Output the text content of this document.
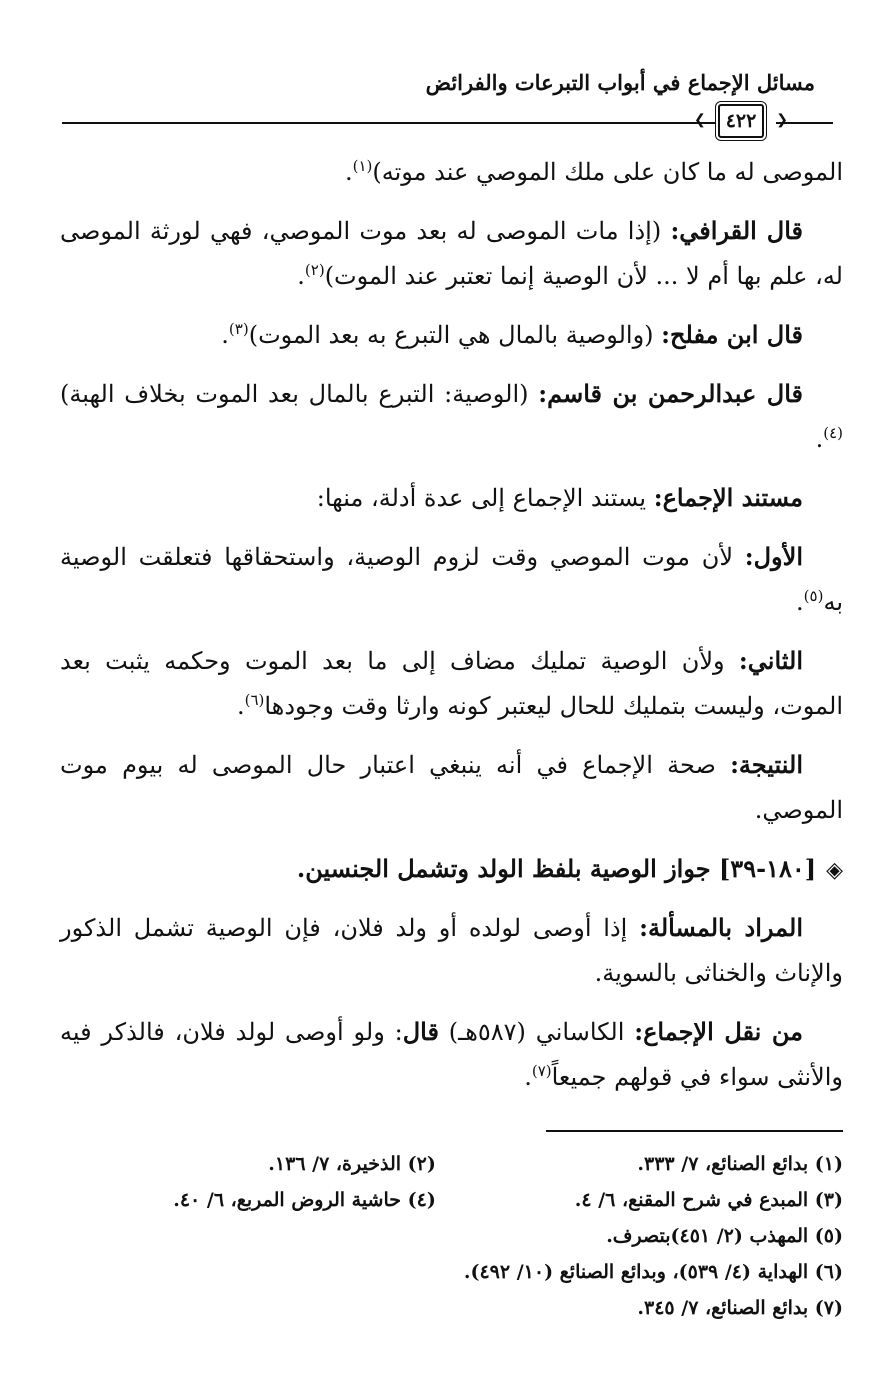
مسائل الإجماع في أبواب التبرعات والفرائض
❮	٤٢٢	❯

الموصى له ما كان على ملك الموصي عند موته)$^{(١)}$.

قال القرافي: (إذا مات الموصى له بعد موت الموصي، فهي لورثة الموصى له، علم بها أم لا ... لأن الوصية إنما تعتبر عند الموت)$^{(٢)}$.

قال ابن مفلح: (والوصية بالمال هي التبرع به بعد الموت)$^{(٣)}$.

قال عبدالرحمن بن قاسم: (الوصية: التبرع بالمال بعد الموت بخلاف الهبة)$^{(٤)}$.

مستند الإجماع: يستند الإجماع إلى عدة أدلة، منها:

الأول: لأن موت الموصي وقت لزوم الوصية، واستحقاقها فتعلقت الوصية به$^{(٥)}$.

الثاني: ولأن الوصية تمليك مضاف إلى ما بعد الموت وحكمه يثبت بعد الموت، وليست بتمليك للحال ليعتبر كونه وارثا وقت وجودها$^{(٦)}$.

النتيجة: صحة الإجماع في أنه ينبغي اعتبار حال الموصى له بيوم موت الموصي.

◈[١٨٠-٣٩] جواز الوصية بلفظ الولد وتشمل الجنسين.

المراد بالمسألة: إذا أوصى لولده أو ولد فلان، فإن الوصية تشمل الذكور والإناث والخناثى بالسوية.

من نقل الإجماع: الكاساني (٥٨٧هـ) قال: ولو أوصى لولد فلان، فالذكر فيه والأنثى سواء في قولهم جميعاً$^{(٧)}$.

(١) بدائع الصنائع، ٧/ ٣٣٣.
(٢) الذخيرة، ٧/ ١٣٦.
(٣) المبدع في شرح المقنع، ٦/ ٤.
(٤) حاشية الروض المربع، ٦/ ٤٠.
(٥) المهذب (٢/ ٤٥١)بتصرف.
(٦) الهداية (٤/ ٥٣٩)، وبدائع الصنائع (١٠/ ٤٩٢).
(٧) بدائع الصنائع، ٧/ ٣٤٥.
